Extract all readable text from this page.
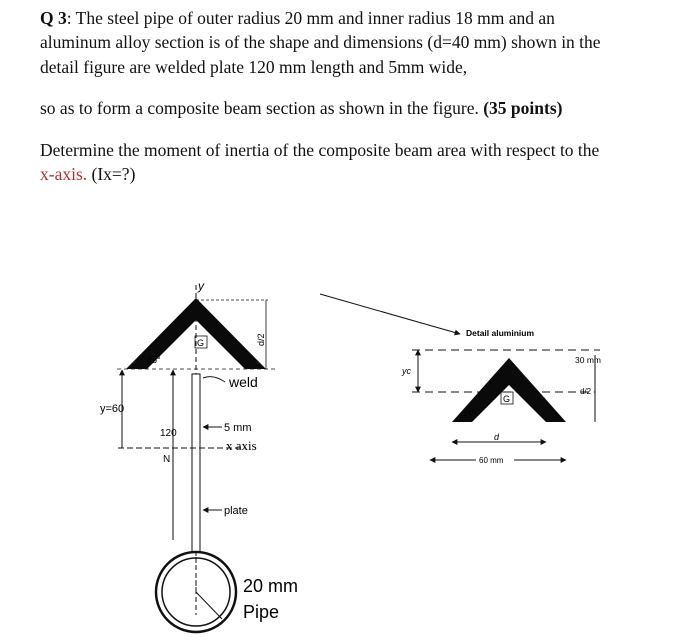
Q 3: The steel pipe of outer radius 20 mm and inner radius 18 mm and an
aluminum alloy section is of the shape and dimensions (d=40 mm) shown in the
detail figure are welded plate 120 mm length and 5mm wide,
so as to form a composite beam section as shown in the figure. (35 points)
Determine the moment of inertia of the composite beam area with respect to the
x-axis. (Ix=?)
y
d/2
45°
G
weld
y=60
120
N
x axis
5 mm
plate
20 mm
Pipe
Detail aluminium
G
45°
yc
d/2
30 mm
d
60 mm
